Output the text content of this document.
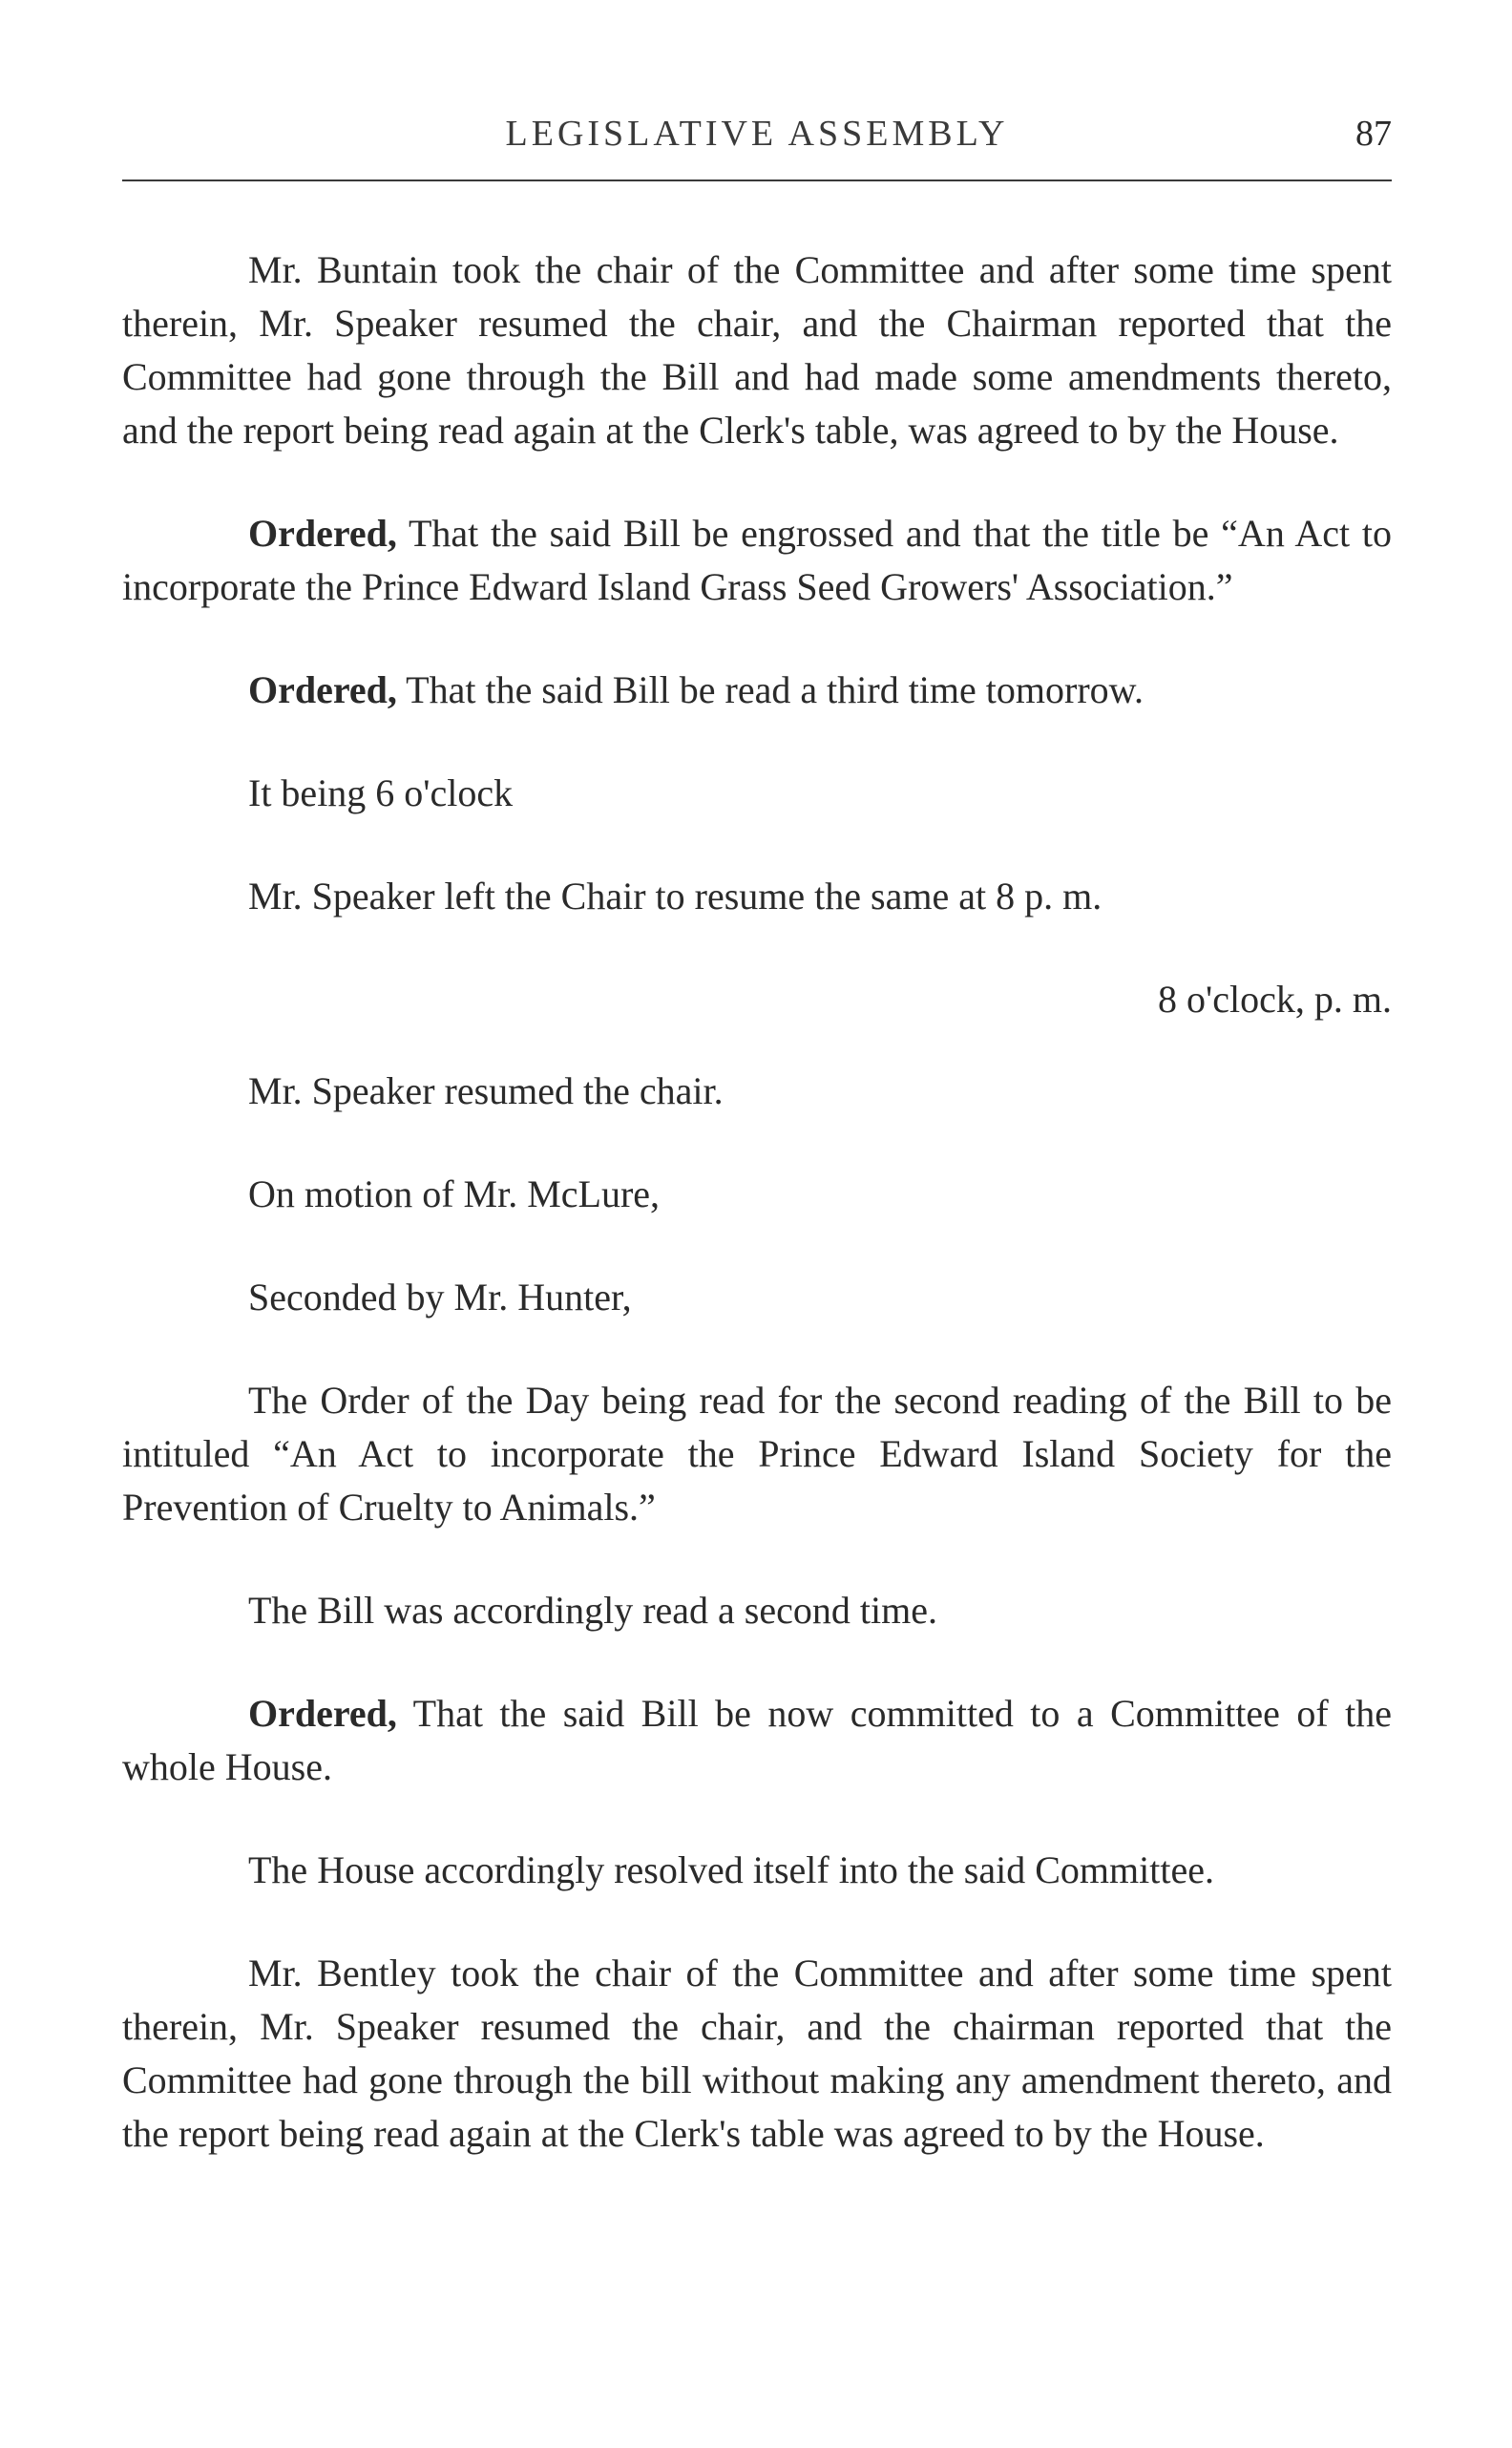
LEGISLATIVE ASSEMBLY	87

Mr. Buntain took the chair of the Committee and after some time spent therein, Mr. Speaker resumed the chair, and the Chairman reported that the Committee had gone through the Bill and had made some amendments thereto, and the report being read again at the Clerk's table, was agreed to by the House.

Ordered, That the said Bill be engrossed and that the title be “An Act to incorporate the Prince Edward Island Grass Seed Growers' Association.”

Ordered, That the said Bill be read a third time tomorrow.

It being 6 o'clock

Mr. Speaker left the Chair to resume the same at 8 p. m.

8 o'clock, p. m.

Mr. Speaker resumed the chair.

On motion of Mr. McLure,

Seconded by Mr. Hunter,

The Order of the Day being read for the second reading of the Bill to be intituled “An Act to incorporate the Prince Edward Island Society for the Prevention of Cruelty to Animals.”

The Bill was accordingly read a second time.

Ordered, That the said Bill be now committed to a Committee of the whole House.

The House accordingly resolved itself into the said Committee.

Mr. Bentley took the chair of the Committee and after some time spent therein, Mr. Speaker resumed the chair, and the chairman reported that the Committee had gone through the bill without making any amendment thereto, and the report being read again at the Clerk's table was agreed to by the House.
